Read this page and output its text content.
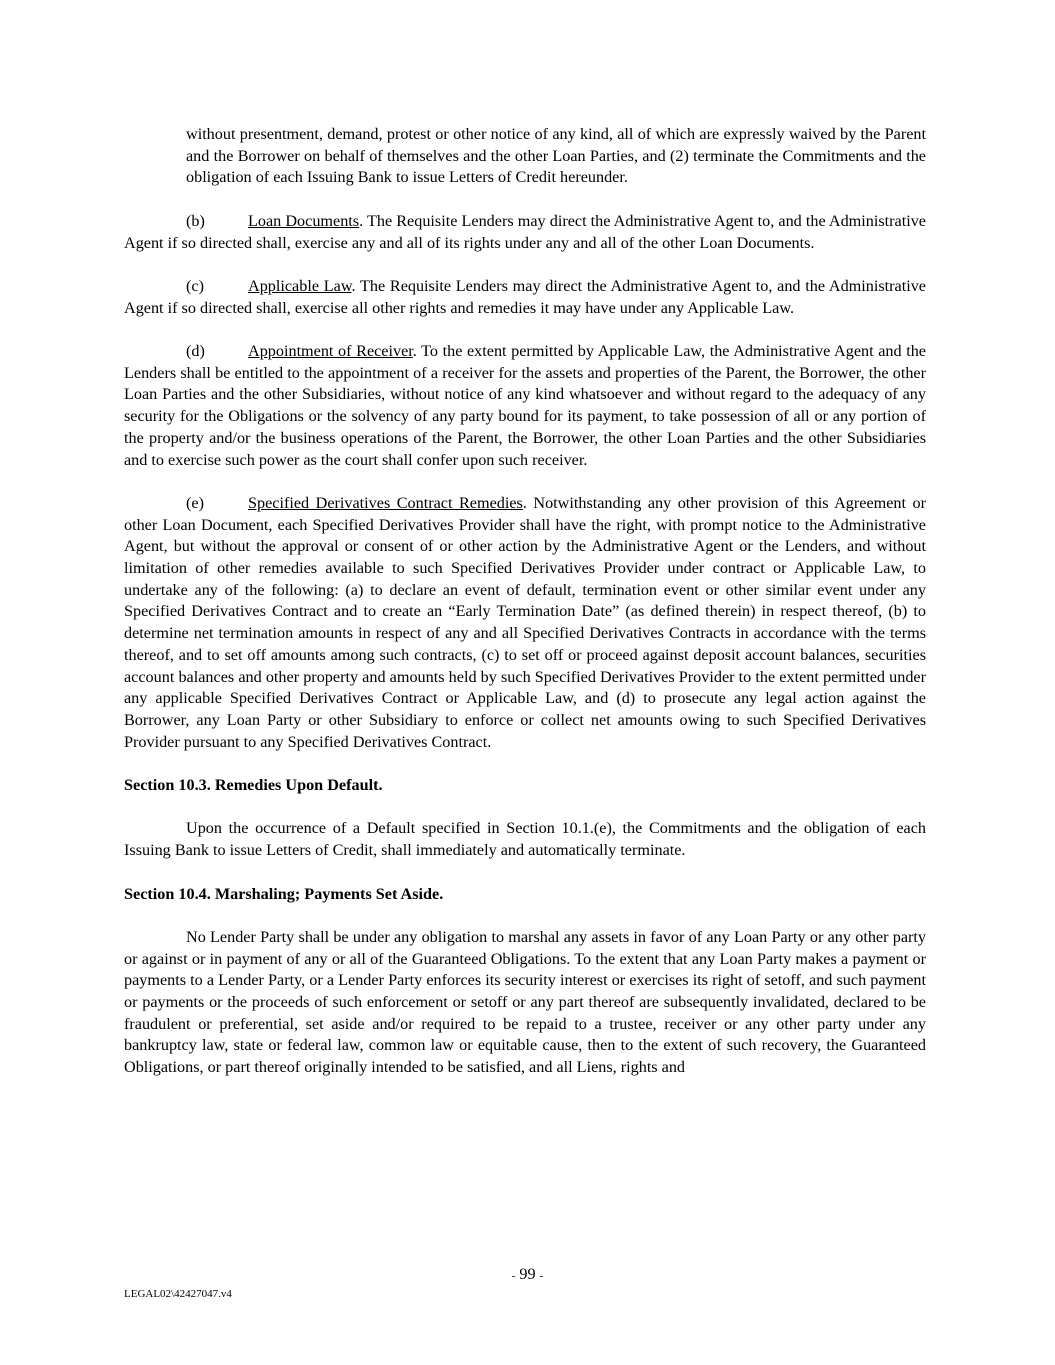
without presentment, demand, protest or other notice of any kind, all of which are expressly waived by the Parent and the Borrower on behalf of themselves and the other Loan Parties, and (2) terminate the Commitments and the obligation of each Issuing Bank to issue Letters of Credit hereunder.

(b)	Loan Documents. The Requisite Lenders may direct the Administrative Agent to, and the Administrative Agent if so directed shall, exercise any and all of its rights under any and all of the other Loan Documents.

(c)	Applicable Law. The Requisite Lenders may direct the Administrative Agent to, and the Administrative Agent if so directed shall, exercise all other rights and remedies it may have under any Applicable Law.

(d)	Appointment of Receiver. To the extent permitted by Applicable Law, the Administrative Agent and the Lenders shall be entitled to the appointment of a receiver for the assets and properties of the Parent, the Borrower, the other Loan Parties and the other Subsidiaries, without notice of any kind whatsoever and without regard to the adequacy of any security for the Obligations or the solvency of any party bound for its payment, to take possession of all or any portion of the property and/or the business operations of the Parent, the Borrower, the other Loan Parties and the other Subsidiaries and to exercise such power as the court shall confer upon such receiver.

(e)	Specified Derivatives Contract Remedies. Notwithstanding any other provision of this Agreement or other Loan Document, each Specified Derivatives Provider shall have the right, with prompt notice to the Administrative Agent, but without the approval or consent of or other action by the Administrative Agent or the Lenders, and without limitation of other remedies available to such Specified Derivatives Provider under contract or Applicable Law, to undertake any of the following: (a) to declare an event of default, termination event or other similar event under any Specified Derivatives Contract and to create an “Early Termination Date” (as defined therein) in respect thereof, (b) to determine net termination amounts in respect of any and all Specified Derivatives Contracts in accordance with the terms thereof, and to set off amounts among such contracts, (c) to set off or proceed against deposit account balances, securities account balances and other property and amounts held by such Specified Derivatives Provider to the extent permitted under any applicable Specified Derivatives Contract or Applicable Law, and (d) to prosecute any legal action against the Borrower, any Loan Party or other Subsidiary to enforce or collect net amounts owing to such Specified Derivatives Provider pursuant to any Specified Derivatives Contract.

Section 10.3. Remedies Upon Default.

Upon the occurrence of a Default specified in Section 10.1.(e), the Commitments and the obligation of each Issuing Bank to issue Letters of Credit, shall immediately and automatically terminate.

Section 10.4. Marshaling; Payments Set Aside.

No Lender Party shall be under any obligation to marshal any assets in favor of any Loan Party or any other party or against or in payment of any or all of the Guaranteed Obligations. To the extent that any Loan Party makes a payment or payments to a Lender Party, or a Lender Party enforces its security interest or exercises its right of setoff, and such payment or payments or the proceeds of such enforcement or setoff or any part thereof are subsequently invalidated, declared to be fraudulent or preferential, set aside and/or required to be repaid to a trustee, receiver or any other party under any bankruptcy law, state or federal law, common law or equitable cause, then to the extent of such recovery, the Guaranteed Obligations, or part thereof originally intended to be satisfied, and all Liens, rights and

- 99 -
LEGAL02\42427047.v4
